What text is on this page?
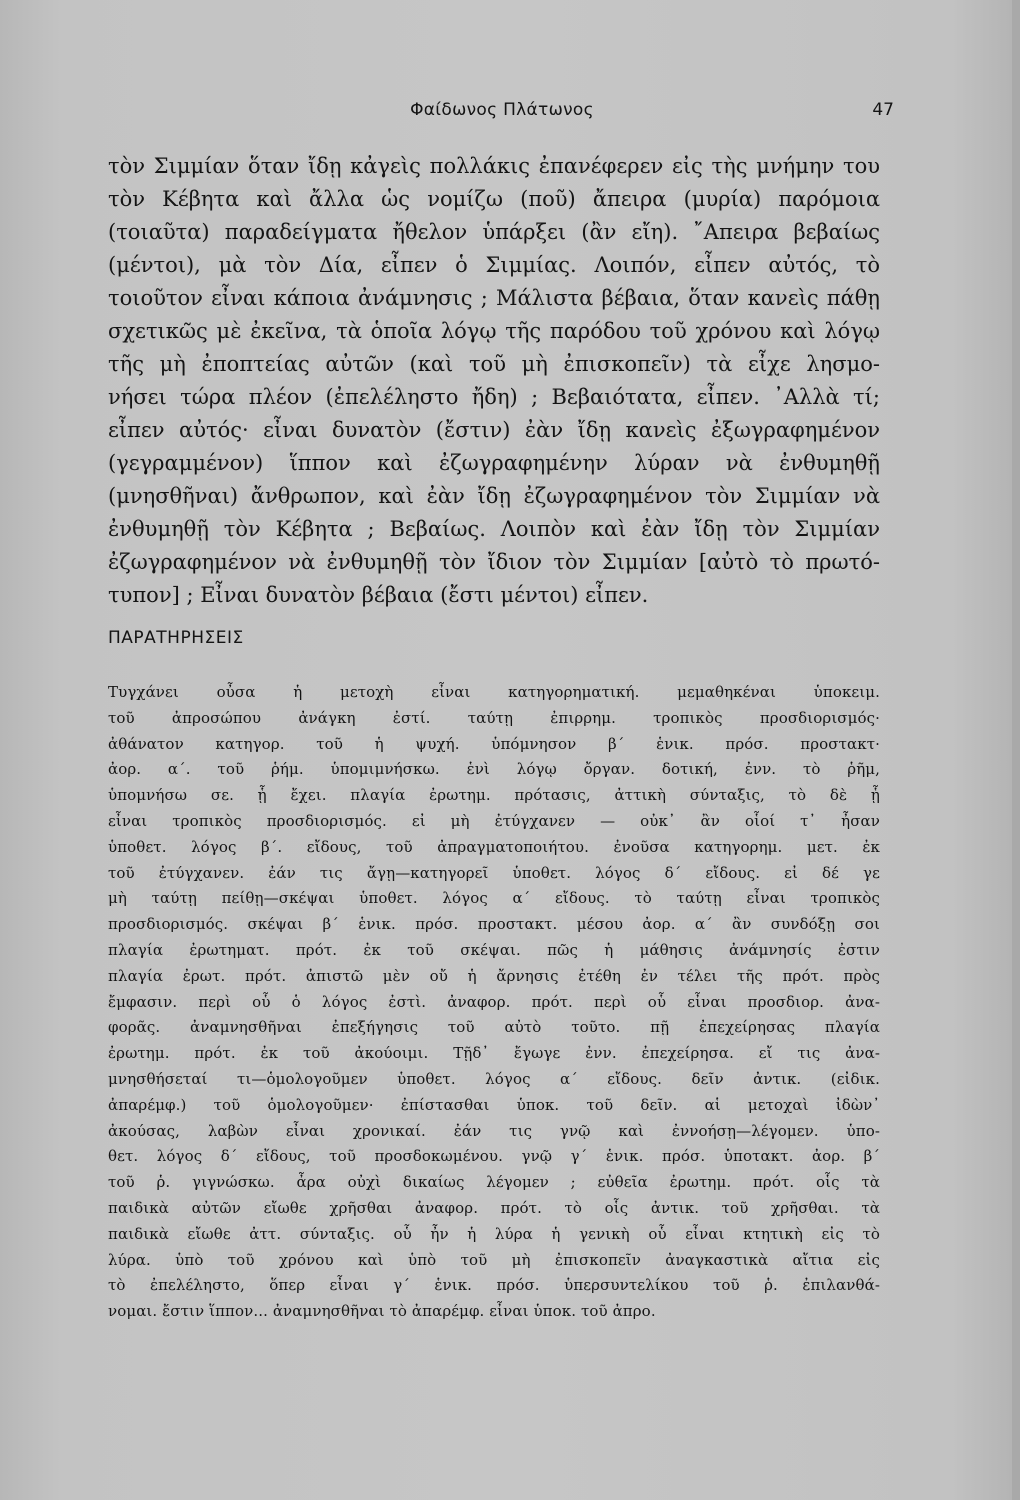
Φαίδωνος Πλάτωνος	47
τὸν Σιμμίαν ὅταν ἴδῃ κἀγεὶς πολλάκις ἐπανέφερεν εἰς τὴς μνήμην του
τὸν Κέβητα καὶ ἄλλα ὡς νομίζω (ποῦ) ἄπειρα (μυρία) παρόμοια
(τοιαῦτα) παραδείγματα ἤθελον ὑπάρξει (ἂν εἴη). ῎Απειρα βεβαίως
(μέντοι), μὰ τὸν Δία, εἶπεν ὁ Σιμμίας. Λοιπόν, εἶπεν αὐτός, τὸ
τοιοῦτον εἶναι κάποια ἀνάμνησις ; Μάλιστα βέβαια, ὅταν κανεὶς πάθῃ
σχετικῶς μὲ ἐκεῖνα, τὰ ὁποῖα λόγῳ τῆς παρόδου τοῦ χρόνου καὶ λόγῳ
τῆς μὴ ἐποπτείας αὐτῶν (καὶ τοῦ μὴ ἐπισκοπεῖν) τὰ εἶχε λησμο-
νήσει τώρα πλέον (ἐπελέληστο ἤδη) ; Βεβαιότατα, εἶπεν. ᾿Αλλὰ τί;
εἶπεν αὐτός· εἶναι δυνατὸν (ἔστιν) ἐὰν ἴδῃ κανεὶς ἐξωγραφημένον
(γεγραμμένον) ἵππον καὶ ἐζωγραφημένην λύραν νὰ ἐνθυμηθῇ
(μνησθῆναι) ἄνθρωπον, καὶ ἐὰν ἴδῃ ἐζωγραφημένον τὸν Σιμμίαν νὰ
ἐνθυμηθῇ τὸν Κέβητα ; Βεβαίως. Λοιπὸν καὶ ἐὰν ἴδῃ τὸν Σιμμίαν
ἐζωγραφημένον νὰ ἐνθυμηθῇ τὸν ἴδιον τὸν Σιμμίαν [αὐτὸ τὸ πρωτό-
τυπον] ; Εἶναι δυνατὸν βέβαια (ἔστι μέντοι) εἶπεν.
ΠΑΡΑΤΗΡΗΣΕΙΣ
Τυγχάνει οὖσα ἡ μετοχὴ εἶναι κατηγορηματική. μεμαθηκέναι ὑποκειμ.
τοῦ ἀπροσώπου ἀνάγκη ἐστί. ταύτῃ ἐπιρρημ. τροπικὸς προσδιορισμός·
ἀθάνατον κατηγορ. τοῦ ἡ ψυχή. ὑπόμνησον β΄ ἑνικ. πρόσ. προστακτ·
ἀορ. α΄. τοῦ ῥήμ. ὑπομιμνήσκω. ἑνὶ λόγῳ ὄργαν. δοτική, ἐνν. τὸ ῥῆμ,
ὑπομνήσω σε. ᾗ ἔχει. πλαγία ἐρωτημ. πρότασις, ἀττικὴ σύνταξις, τὸ δὲ ᾗ
εἶναι τροπικὸς προσδιορισμός. εἰ μὴ ἐτύγχανεν — οὐκ᾿ ἂν οἷοί τ᾿ ἦσαν
ὑποθετ. λόγος β΄. εἴδους, τοῦ ἀπραγματοποιήτου. ἐνοῦσα κατηγορημ. μετ. ἐκ
τοῦ ἐτύγχανεν. ἐάν τις ἄγῃ—κατηγορεῖ ὑποθετ. λόγος δ΄ εἴδους. εἰ δέ γε
μὴ ταύτῃ πείθῃ—σκέψαι ὑποθετ. λόγος α΄ εἴδους. τὸ ταύτῃ εἶναι τροπικὸς
προσδιορισμός. σκέψαι β΄ ἑνικ. πρόσ. προστακτ. μέσου ἀορ. α΄ ἂν συνδόξῃ σοι
πλαγία ἐρωτηματ. πρότ. ἐκ τοῦ σκέψαι. πῶς ἡ μάθησις ἀνάμνησίς ἐστιν
πλαγία ἐρωτ. πρότ. ἀπιστῶ μὲν οὔ ἡ ἄρνησις ἐτέθη ἐν τέλει τῆς πρότ. πρὸς
ἔμφασιν. περὶ οὗ ὁ λόγος ἐστὶ. ἀναφορ. πρότ. περὶ οὗ εἶναι προσδιορ. ἀνα-
φορᾶς. ἀναμνησθῆναι ἐπεξήγησις τοῦ αὐτὸ τοῦτο. πῇ ἐπεχείρησας πλαγία
ἐρωτημ. πρότ. ἐκ τοῦ ἀκούοιμι. Τῇδ᾿ ἔγωγε ἐνν. ἐπεχείρησα. εἴ τις ἀνα-
μνησθήσεταί τι—ὁμολογοῦμεν ὑποθετ. λόγος α΄ εἴδους. δεῖν ἀντικ. (εἰδικ.
ἀπαρέμφ.) τοῦ ὁμολογοῦμεν· ἐπίστασθαι ὑποκ. τοῦ δεῖν. αἱ μετοχαὶ ἰδὼν᾿
ἀκούσας, λαβὼν εἶναι χρονικαί. ἐάν τις γνῷ καὶ ἐννοήσῃ—λέγομεν. ὑπο-
θετ. λόγος δ΄ εἴδους, τοῦ προσδοκωμένου. γνῷ γ΄ ἑνικ. πρόσ. ὑποτακτ. ἀορ. β΄
τοῦ ῥ. γιγνώσκω. ἆρα οὐχὶ δικαίως λέγομεν ; εὐθεῖα ἐρωτημ. πρότ. οἷς τὰ
παιδικὰ αὐτῶν εἴωθε χρῆσθαι ἀναφορ. πρότ. τὸ οἷς ἀντικ. τοῦ χρῆσθαι. τὰ
παιδικὰ εἴωθε ἀττ. σύνταξις. οὗ ἦν ἡ λύρα ἡ γενικὴ οὗ εἶναι κτητικὴ εἰς τὸ
λύρα. ὑπὸ τοῦ χρόνου καὶ ὑπὸ τοῦ μὴ ἐπισκοπεῖν ἀναγκαστικὰ αἴτια εἰς
τὸ ἐπελέληστο, ὅπερ εἶναι γ΄ ἑνικ. πρόσ. ὑπερσυντελίκου τοῦ ῥ. ἐπιλανθά-
νομαι. ἔστιν ἵππον... ἀναμνησθῆναι τὸ ἀπαρέμφ. εἶναι ὑποκ. τοῦ ἀπρο.
